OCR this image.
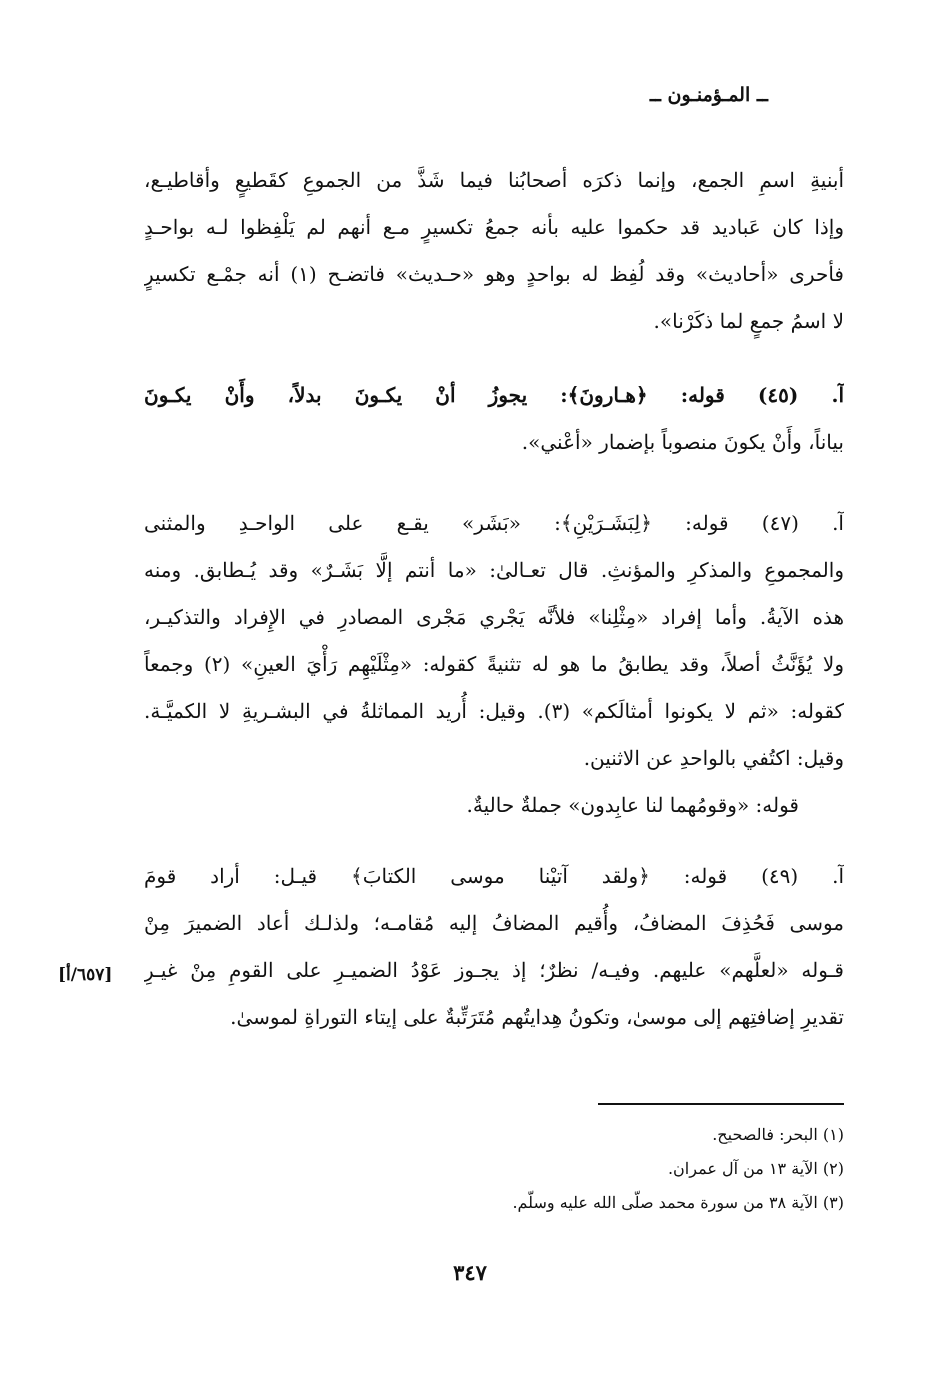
ــ المـؤمنـون ــ
أبنيةِ اسمِ الجمع، وإنما ذكرَه أصحابُنا فيما شَذَّ من الجموعِ كقَطيعٍ وأقاطيـع،
وإذا كان عَباديد قد حكموا عليه بأنه جمعُ تكسيرٍ مـع أنهم لم يَلْفِظوا لـه بواحـدٍ
فأحرى «أحاديث» وقد لُفِظ له بواحدٍ وهو «حـديث» فاتضـح (١) أنه جمْـع تكسيرٍ
لا اسمُ جمعٍ لما ذكَرْنا».
آ. (٤٥) قوله: ﴿هـارونَ﴾: يجوزُ أنْ يكـونَ بدلاً، وأَنْ يكـونَ
بياناً، وأَنْ يكونَ منصوباً بإضمار «أعْني».
آ. (٤٧) قوله: ﴿لِبَشَـرَيْنِ﴾: «بَشَر» يقـع على الواحـدِ والمثنى
والمجموعِ والمذكرِ والمؤنثِ. قال تعـالىٰ: «ما أنتم إلَّا بَشَـرٌ» وقد يُـطابق. ومنه
هذه الآيةُ. وأما إفراد «مِثْلِنا» فلأنَّه يَجْري مَجْرى المصادرِ في الإِفراد والتذكيـر،
ولا يُؤَنَّثُ أصلاً، وقد يطابقُ ما هو له تثنيةً كقوله: «مِثْلَيْهِم رَأْيَ العينِ» (٢) وجمعاً
كقوله: «ثم لا يكونوا أمثالَكم» (٣). وقيل: أُريد المماثلةُ في البشـريةِ لا الكميَّـة.
وقيل: اكتُفي بالواحدِ عن الاثنين.
قوله: «وقومُهما لنا عابِدون» جملةٌ حاليةٌ.
آ. (٤٩) قوله: ﴿ولقد آتيْنا موسى الكتابَ﴾ قيـل: أراد قومَ
موسى فَحُذِفَ المضافُ، وأُقيم المضافُ إليه مُقامـه؛ ولذلـك أعاد الضميرَ مِنْ
قـوله «لعلَّهم» عليهم. وفيـه/ نظرٌ؛ إذ يجـوز عَوْدُ الضميـرِ على القومِ مِنْ غيـرِ
تقديرِ إضافتِهم إلى موسىٰ، وتكونُ هِدايتُهم مُتَرَتِّبةٌ على إيتاء التوراةِ لموسىٰ.
[٦٥٧/أ]
(١) البحر: فالصحيح.
(٢) الآية ١٣ من آل عمران.
(٣) الآية ٣٨ من سورة محمد صلّى الله عليه وسلّم.
٣٤٧
